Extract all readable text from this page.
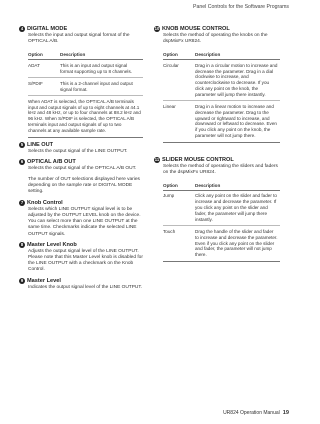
Panel Controls for the Software Programs
4 DIGITAL MODE
Selects the input and output signal format of the OPTICAL A/B.
Option	Description
ADAT	This is an input and output signal format supporting up to 8 channels.
S/PDIF	This is a 2-channel input and output signal format.
When ADAT is selected, the OPTICAL A/B terminals input and output signals of up to eight channels at 44.1 kHz and 48 kHz, or up to four channels at 88.2 kHz and 96 kHz. When S/PDIF is selected, the OPTICAL A/B terminals input and output signals of up to two channels at any available sample rate.	
5 LINE OUT
Selects the output signal of the LINE OUTPUT.
6 OPTICAL A/B OUT
Selects the output signal of the OPTICAL A/B OUT.
The number of OUT selections displayed here varies depending on the sample rate or DIGITAL MODE setting.
7 Knob Control
Selects which LINE OUTPUT signal level is to be adjusted by the OUTPUT LEVEL knob on the device. You can select more than one LINE OUTPUT at the same time. Checkmarks indicate the selected LINE OUTPUT signals.
8 Master Level Knob
Adjusts the output signal level of the LINE OUTPUT. Please note that this Master Level knob is disabled for the LINE OUTPUT with a checkmark on the Knob Control.
9 Master Level
Indicates the output signal level of the LINE OUTPUT.
10 KNOB MOUSE CONTROL
Selects the method of operating the knobs on the dspMixFx UR824.
Option	Description
Circular	Drag in a circular motion to increase and decrease the parameter. Drag in a dial clockwise to increase, and counterclockwise to decrease. If you click any point on the knob, the parameter will jump there instantly.
Linear	Drag in a linear motion to increase and decrease the parameter. Drag to the upward or rightward to increase, and downward or leftward to decrease. Even if you click any point on the knob, the parameter will not jump there.
11 SLIDER MOUSE CONTROL
Selects the method of operating the sliders and faders on the dspMixFx UR824.
Option	Description
Jump	Click any point on the slider and fader to increase and decrease the parameter. If you click any point on the slider and fader, the parameter will jump there instantly.
Touch	Drag the handle of the slider and fader to increase and decrease the parameter. Even if you click any point on the slider and fader, the parameter will not jump there.
UR824 Operation Manual 19
